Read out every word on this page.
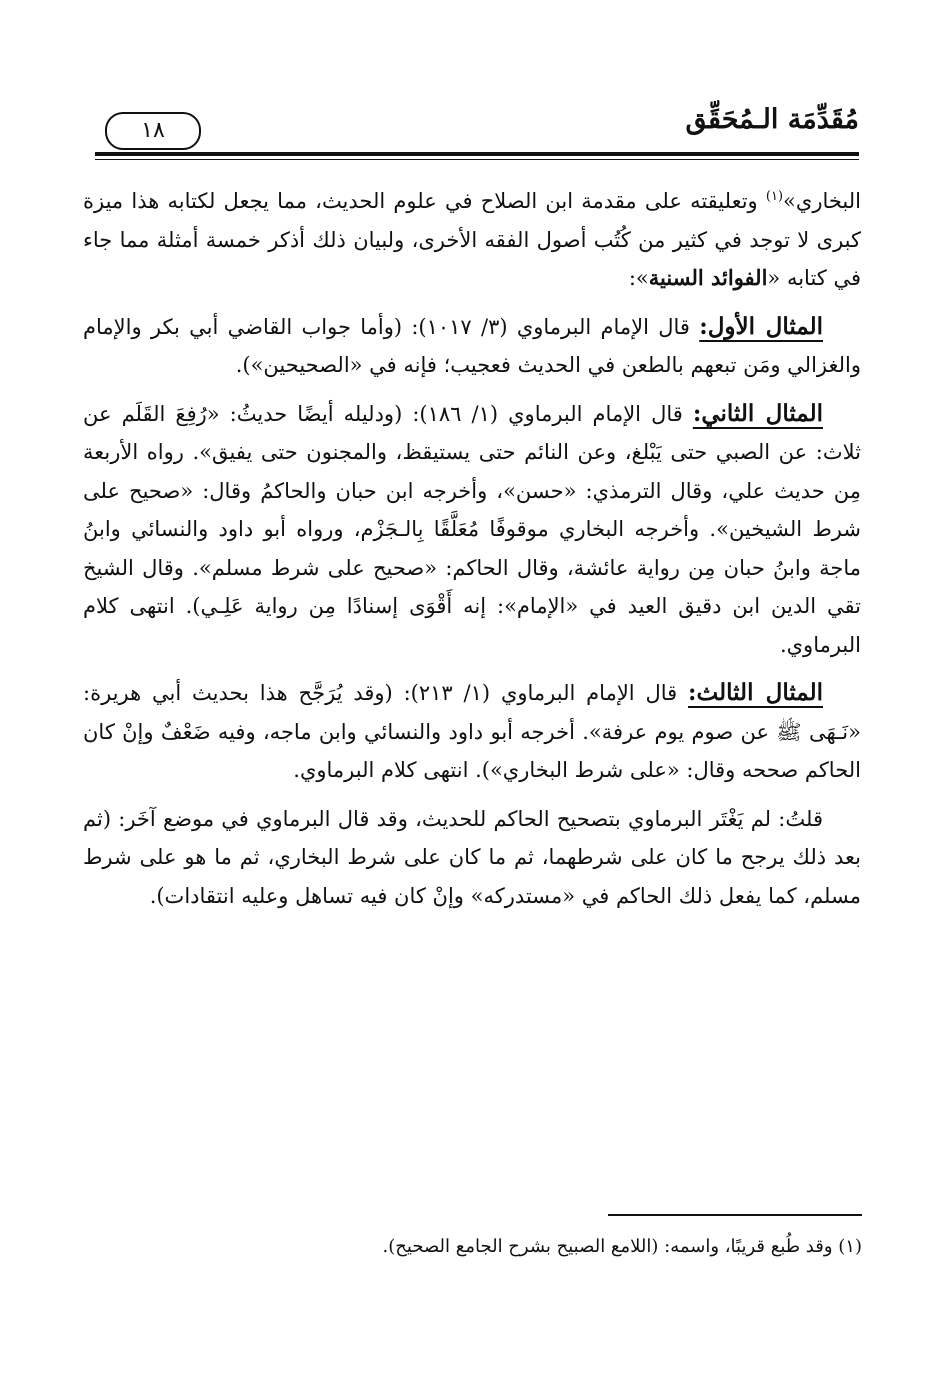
مُقَدِّمَة الـمُحَقِّق
١٨

البخاري»$^{(١)}$ وتعليقته على مقدمة ابن الصلاح في علوم الحديث، مما يجعل لكتابه هذا ميزة كبرى لا توجد في كثير من كُتُب أصول الفقه الأخرى، ولبيان ذلك أذكر خمسة أمثلة مما جاء في كتابه «الفوائد السنية»:

المثال الأول: قال الإمام البرماوي (٣/ ١٠١٧): (وأما جواب القاضي أبي بكر والإمام والغزالي ومَن تبعهم بالطعن في الحديث فعجيب؛ فإنه في «الصحيحين»).

المثال الثاني: قال الإمام البرماوي (١/ ١٨٦): (ودليله أيضًا حديثُ: «رُفِعَ القَلَم عن ثلاث: عن الصبي حتى يَبْلغ، وعن النائم حتى يستيقظ، والمجنون حتى يفيق». رواه الأربعة مِن حديث علي، وقال الترمذي: «حسن»، وأخرجه ابن حبان والحاكمُ وقال: «صحيح على شرط الشيخين». وأخرجه البخاري موقوفًا مُعَلَّقًا بِالـجَزْم، ورواه أبو داود والنسائي وابنُ ماجة وابنُ حبان مِن رواية عائشة، وقال الحاكم: «صحيح على شرط مسلم». وقال الشيخ تقي الدين ابن دقيق العيد في «الإمام»: إنه أَقْوَى إسنادًا مِن رواية عَلِـي). انتهى كلام البرماوي.

المثال الثالث: قال الإمام البرماوي (١/ ٢١٣): (وقد يُرَجَّح هذا بحديث أبي هريرة: «نَـهَى ﷺ عن صوم يوم عرفة». أخرجه أبو داود والنسائي وابن ماجه، وفيه ضَعْفٌ وإنْ كان الحاكم صححه وقال: «على شرط البخاري»). انتهى كلام البرماوي.

قلتُ: لم يَغْتَر البرماوي بتصحيح الحاكم للحديث، وقد قال البرماوي في موضع آخَر: (ثم بعد ذلك يرجح ما كان على شرطهما، ثم ما كان على شرط البخاري، ثم ما هو على شرط مسلم، كما يفعل ذلك الحاكم في «مستدركه» وإنْ كان فيه تساهل وعليه انتقادات).

(١) وقد طُبع قريبًا، واسمه: (اللامع الصبيح بشرح الجامع الصحيح).
